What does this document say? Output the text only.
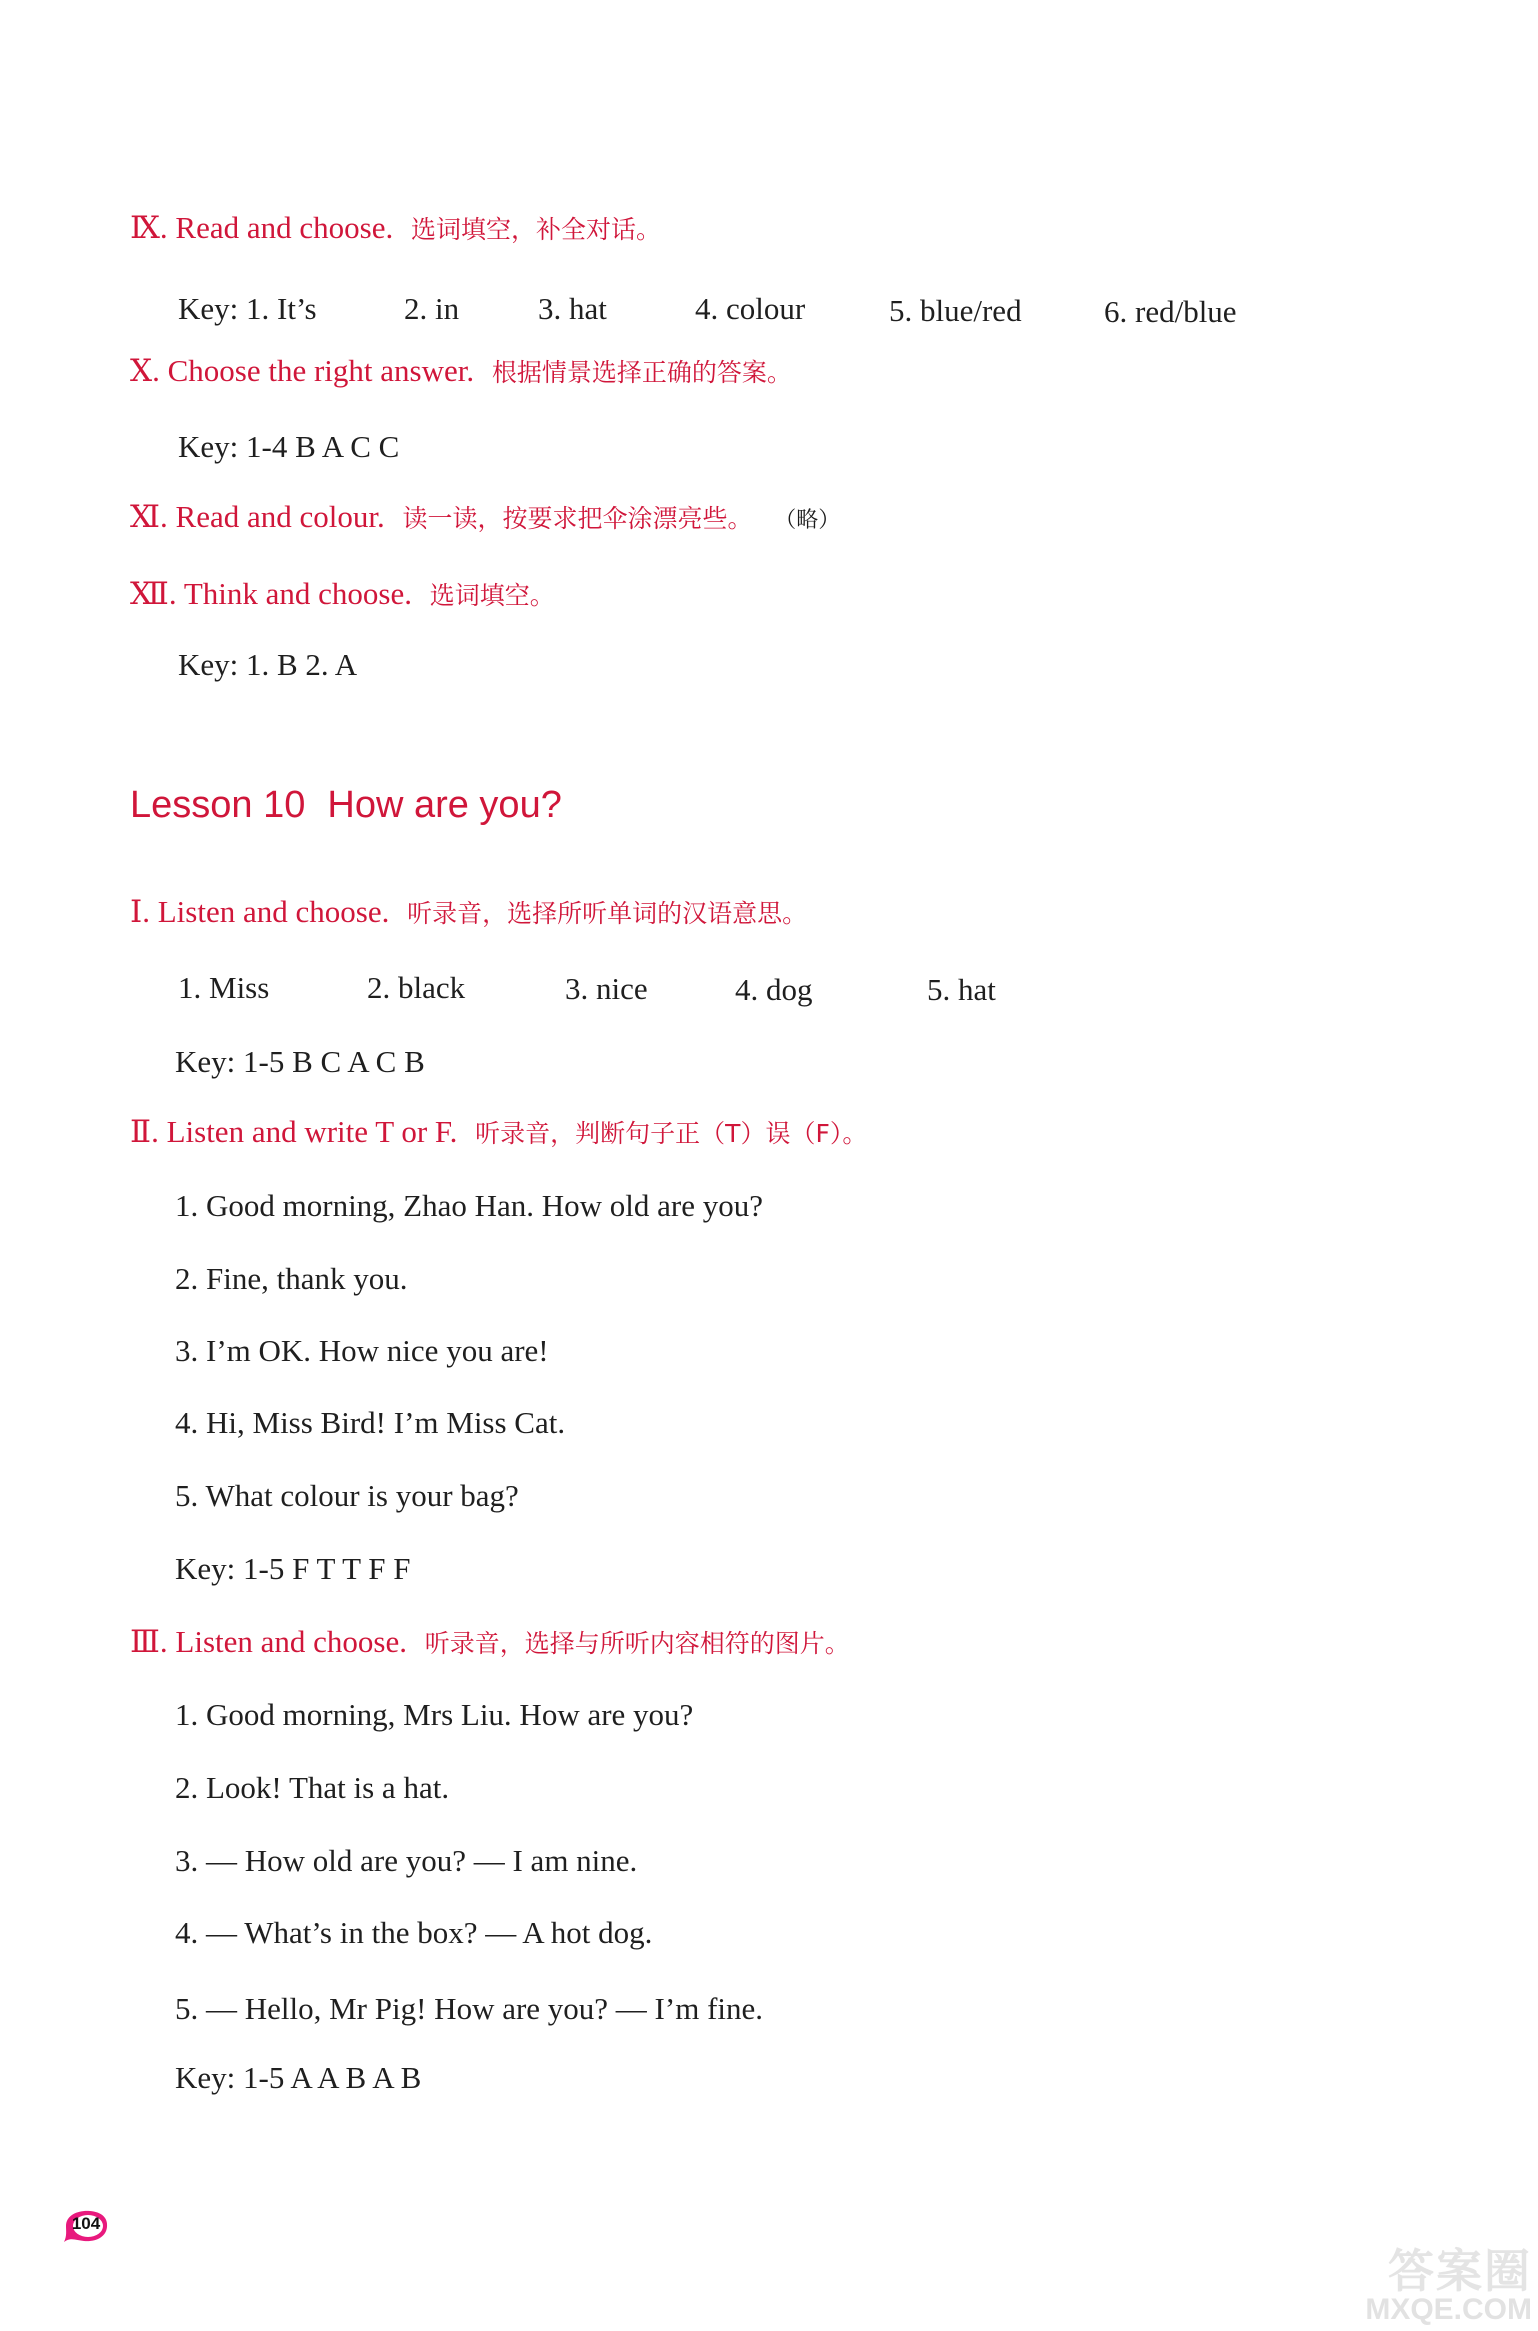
Ⅸ. Read and choose. 选词填空，补全对话。
Key: 1. It’s	2. in	3. hat	4. colour	5. blue/red	6. red/blue
Ⅹ. Choose the right answer. 根据情景选择正确的答案。
Key: 1-4 B A C C
Ⅺ. Read and colour. 读一读，按要求把伞涂漂亮些。 （略）
Ⅻ. Think and choose. 选词填空。
Key: 1. B 2. A
Lesson 10 How are you?
Ⅰ. Listen and choose. 听录音，选择所听单词的汉语意思。
1. Miss	2. black	3. nice	4. dog	5. hat
Key: 1-5 B C A C B
Ⅱ. Listen and write T or F. 听录音，判断句子正（T）误（F）。
1. Good morning, Zhao Han. How old are you?
2. Fine, thank you.
3. I’m OK. How nice you are!
4. Hi, Miss Bird! I’m Miss Cat.
5. What colour is your bag?
Key: 1-5 F T T F F
Ⅲ. Listen and choose. 听录音，选择与所听内容相符的图片。
1. Good morning, Mrs Liu. How are you?
2. Look! That is a hat.
3. — How old are you? — I am nine.
4. — What’s in the box? — A hot dog.
5. — Hello, Mr Pig! How are you? — I’m fine.
Key: 1-5 A A B A B
104
答案圈
MXQE.COM
